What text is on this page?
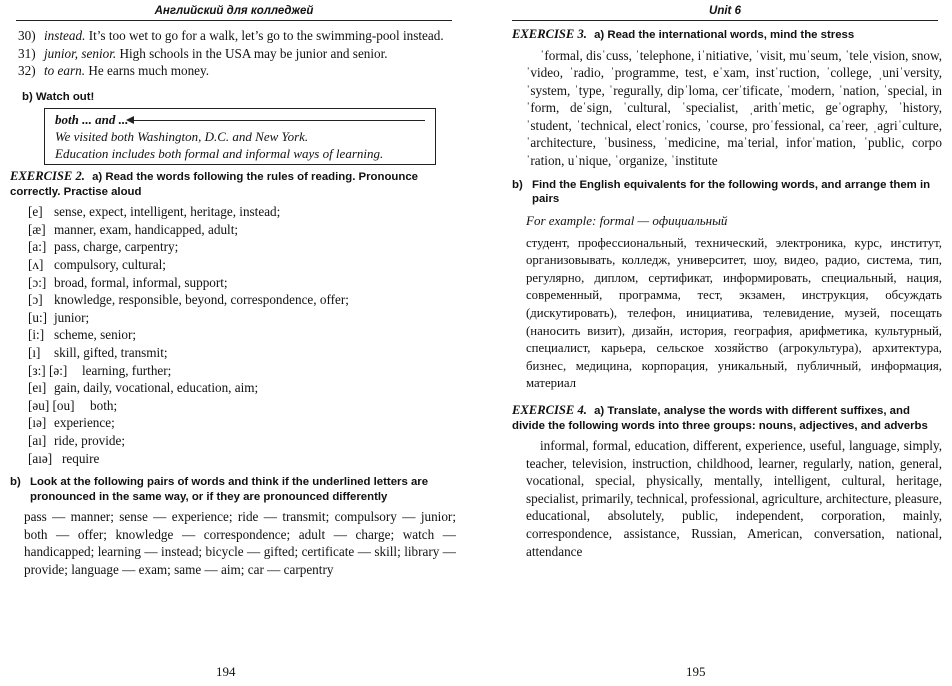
Английский для колледжей
30) instead. It’s too wet to go for a walk, let’s go to the swimming-pool instead.
31) junior, senior. High schools in the USA may be junior and senior.
32) to earn. He earns much money.
b) Watch out!
both ... and ...
We visited both Washington, D.C. and New York.
Education includes both formal and informal ways of learning.
EXERCISE 2. a) Read the words following the rules of reading. Pronounce correctly. Practise aloud
[e] sense, expect, intelligent, heritage, instead;
[æ] manner, exam, handicapped, adult;
[a:] pass, charge, carpentry;
[ʌ] compulsory, cultural;
[ɔ:] broad, formal, informal, support;
[ɔ] knowledge, responsible, beyond, correspondence, offer;
[u:] junior;
[i:] scheme, senior;
[ı]	skill, gifted, transmit;
[з:] [ə:]	learning, further;
[eı] gain, daily, vocational, education, aim;
[əu] [ou]	both;
[ıə] experience;
[aı] ride, provide;
[aıə] require
b) Look at the following pairs of words and think if the underlined letters are pronounced in the same way, or if they are pronounced differently
pass — manner; sense — experience; ride — transmit; compulsory — junior; both — offer; knowledge — correspondence; adult — charge; watch — handicapped; learning — instead; bicycle — gifted; certificate — skill; library — provide; language — exam; same — aim; car — carpentry
194
Unit 6
EXERCISE 3. a) Read the international words, mind the stress
ˈformal, disˈcuss, ˈtelephone, iˈnitiative, ˈvisit, muˈseum, ˈteleˌvision, snow, ˈvideo, ˈradio, ˈprogramme, test, eˈxam, instˈruction, ˈcollege, ˌuniˈversity, ˈsystem, ˈtype, ˈregurally, dipˈloma, cerˈtificate, ˈmodern, ˈnation, ˈspecial, inˈform, deˈsign, ˈcultural, ˈspecialist, ˌarithˈmetic, geˈography, ˈhistory, ˈstudent, ˈtechnical, electˈronics, ˈcourse, proˈfessional, caˈreer, ˌagriˈculture, ˈarchitecture, ˈbusiness, ˈmedicine, maˈterial, inforˈmation, ˈpublic, corpoˈration, uˈnique, ˈorganize, ˈinstitute
b) Find the English equivalents for the following words, and arrange them in pairs
For example: formal — официальный
студент, профессиональный, технический, электроника, курс, институт, организовывать, колледж, университет, шоу, видео, радио, система, тип, регулярно, диплом, сертификат, информировать, специальный, нация, современный, программа, тест, экзамен, инструкция, обсуждать (дискутировать), телефон, инициатива, телевидение, музей, посещать (наносить визит), дизайн, история, география, арифметика, культурный, специалист, карьера, сельское хозяйство (агрокультура), архитектура, бизнес, медицина, корпорация, уникальный, публичный, информация, материал
EXERCISE 4. a) Translate, analyse the words with different suffixes, and divide the following words into three groups: nouns, adjectives, and adverbs
informal, formal, education, different, experience, useful, language, simply, teacher, television, instruction, childhood, learner, regularly, nation, general, vocational, special, physically, mentally, intelligent, cultural, heritage, specialist, primarily, technical, professional, agriculture, architecture, pleasure, educational, absolutely, public, independent, corporation, mainly, correspondence, assistance, Russian, American, conversation, national, attendance
195
